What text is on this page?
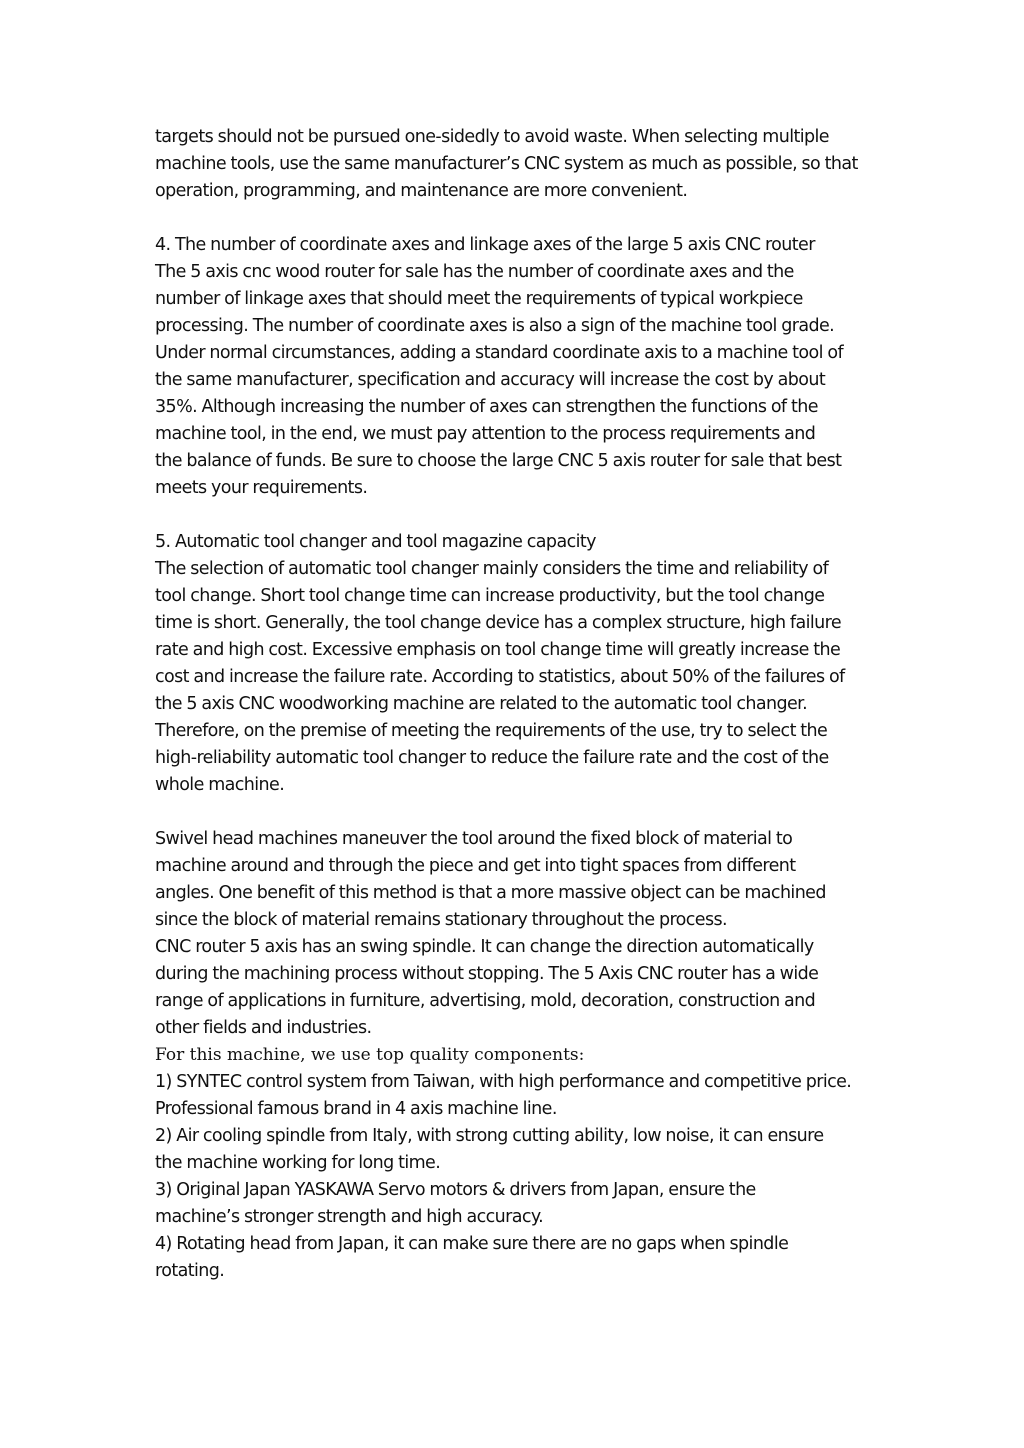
targets should not be pursued one-sidedly to avoid waste. When selecting multiple
machine tools, use the same manufacturer’s CNC system as much as possible, so that
operation, programming, and maintenance are more convenient.
4. The number of coordinate axes and linkage axes of the large 5 axis CNC router
The 5 axis cnc wood router for sale has the number of coordinate axes and the
number of linkage axes that should meet the requirements of typical workpiece
processing. The number of coordinate axes is also a sign of the machine tool grade.
Under normal circumstances, adding a standard coordinate axis to a machine tool of
the same manufacturer, specification and accuracy will increase the cost by about
35%. Although increasing the number of axes can strengthen the functions of the
machine tool, in the end, we must pay attention to the process requirements and
the balance of funds. Be sure to choose the large CNC 5 axis router for sale that best
meets your requirements.
5. Automatic tool changer and tool magazine capacity
The selection of automatic tool changer mainly considers the time and reliability of
tool change. Short tool change time can increase productivity, but the tool change
time is short. Generally, the tool change device has a complex structure, high failure
rate and high cost. Excessive emphasis on tool change time will greatly increase the
cost and increase the failure rate. According to statistics, about 50% of the failures of
the 5 axis CNC woodworking machine are related to the automatic tool changer.
Therefore, on the premise of meeting the requirements of the use, try to select the
high-reliability automatic tool changer to reduce the failure rate and the cost of the
whole machine.
Swivel head machines maneuver the tool around the fixed block of material to
machine around and through the piece and get into tight spaces from different
angles. One benefit of this method is that a more massive object can be machined
since the block of material remains stationary throughout the process.
CNC router 5 axis has an swing spindle. It can change the direction automatically
during the machining process without stopping. The 5 Axis CNC router has a wide
range of applications in furniture, advertising, mold, decoration, construction and
other fields and industries.
For this machine, we use top quality components:
1) SYNTEC control system from Taiwan, with high performance and competitive price.
Professional famous brand in 4 axis machine line.
2) Air cooling spindle from Italy, with strong cutting ability, low noise, it can ensure
the machine working for long time.
3) Original Japan YASKAWA Servo motors & drivers from Japan, ensure the
machine’s stronger strength and high accuracy.
4) Rotating head from Japan, it can make sure there are no gaps when spindle
rotating.
